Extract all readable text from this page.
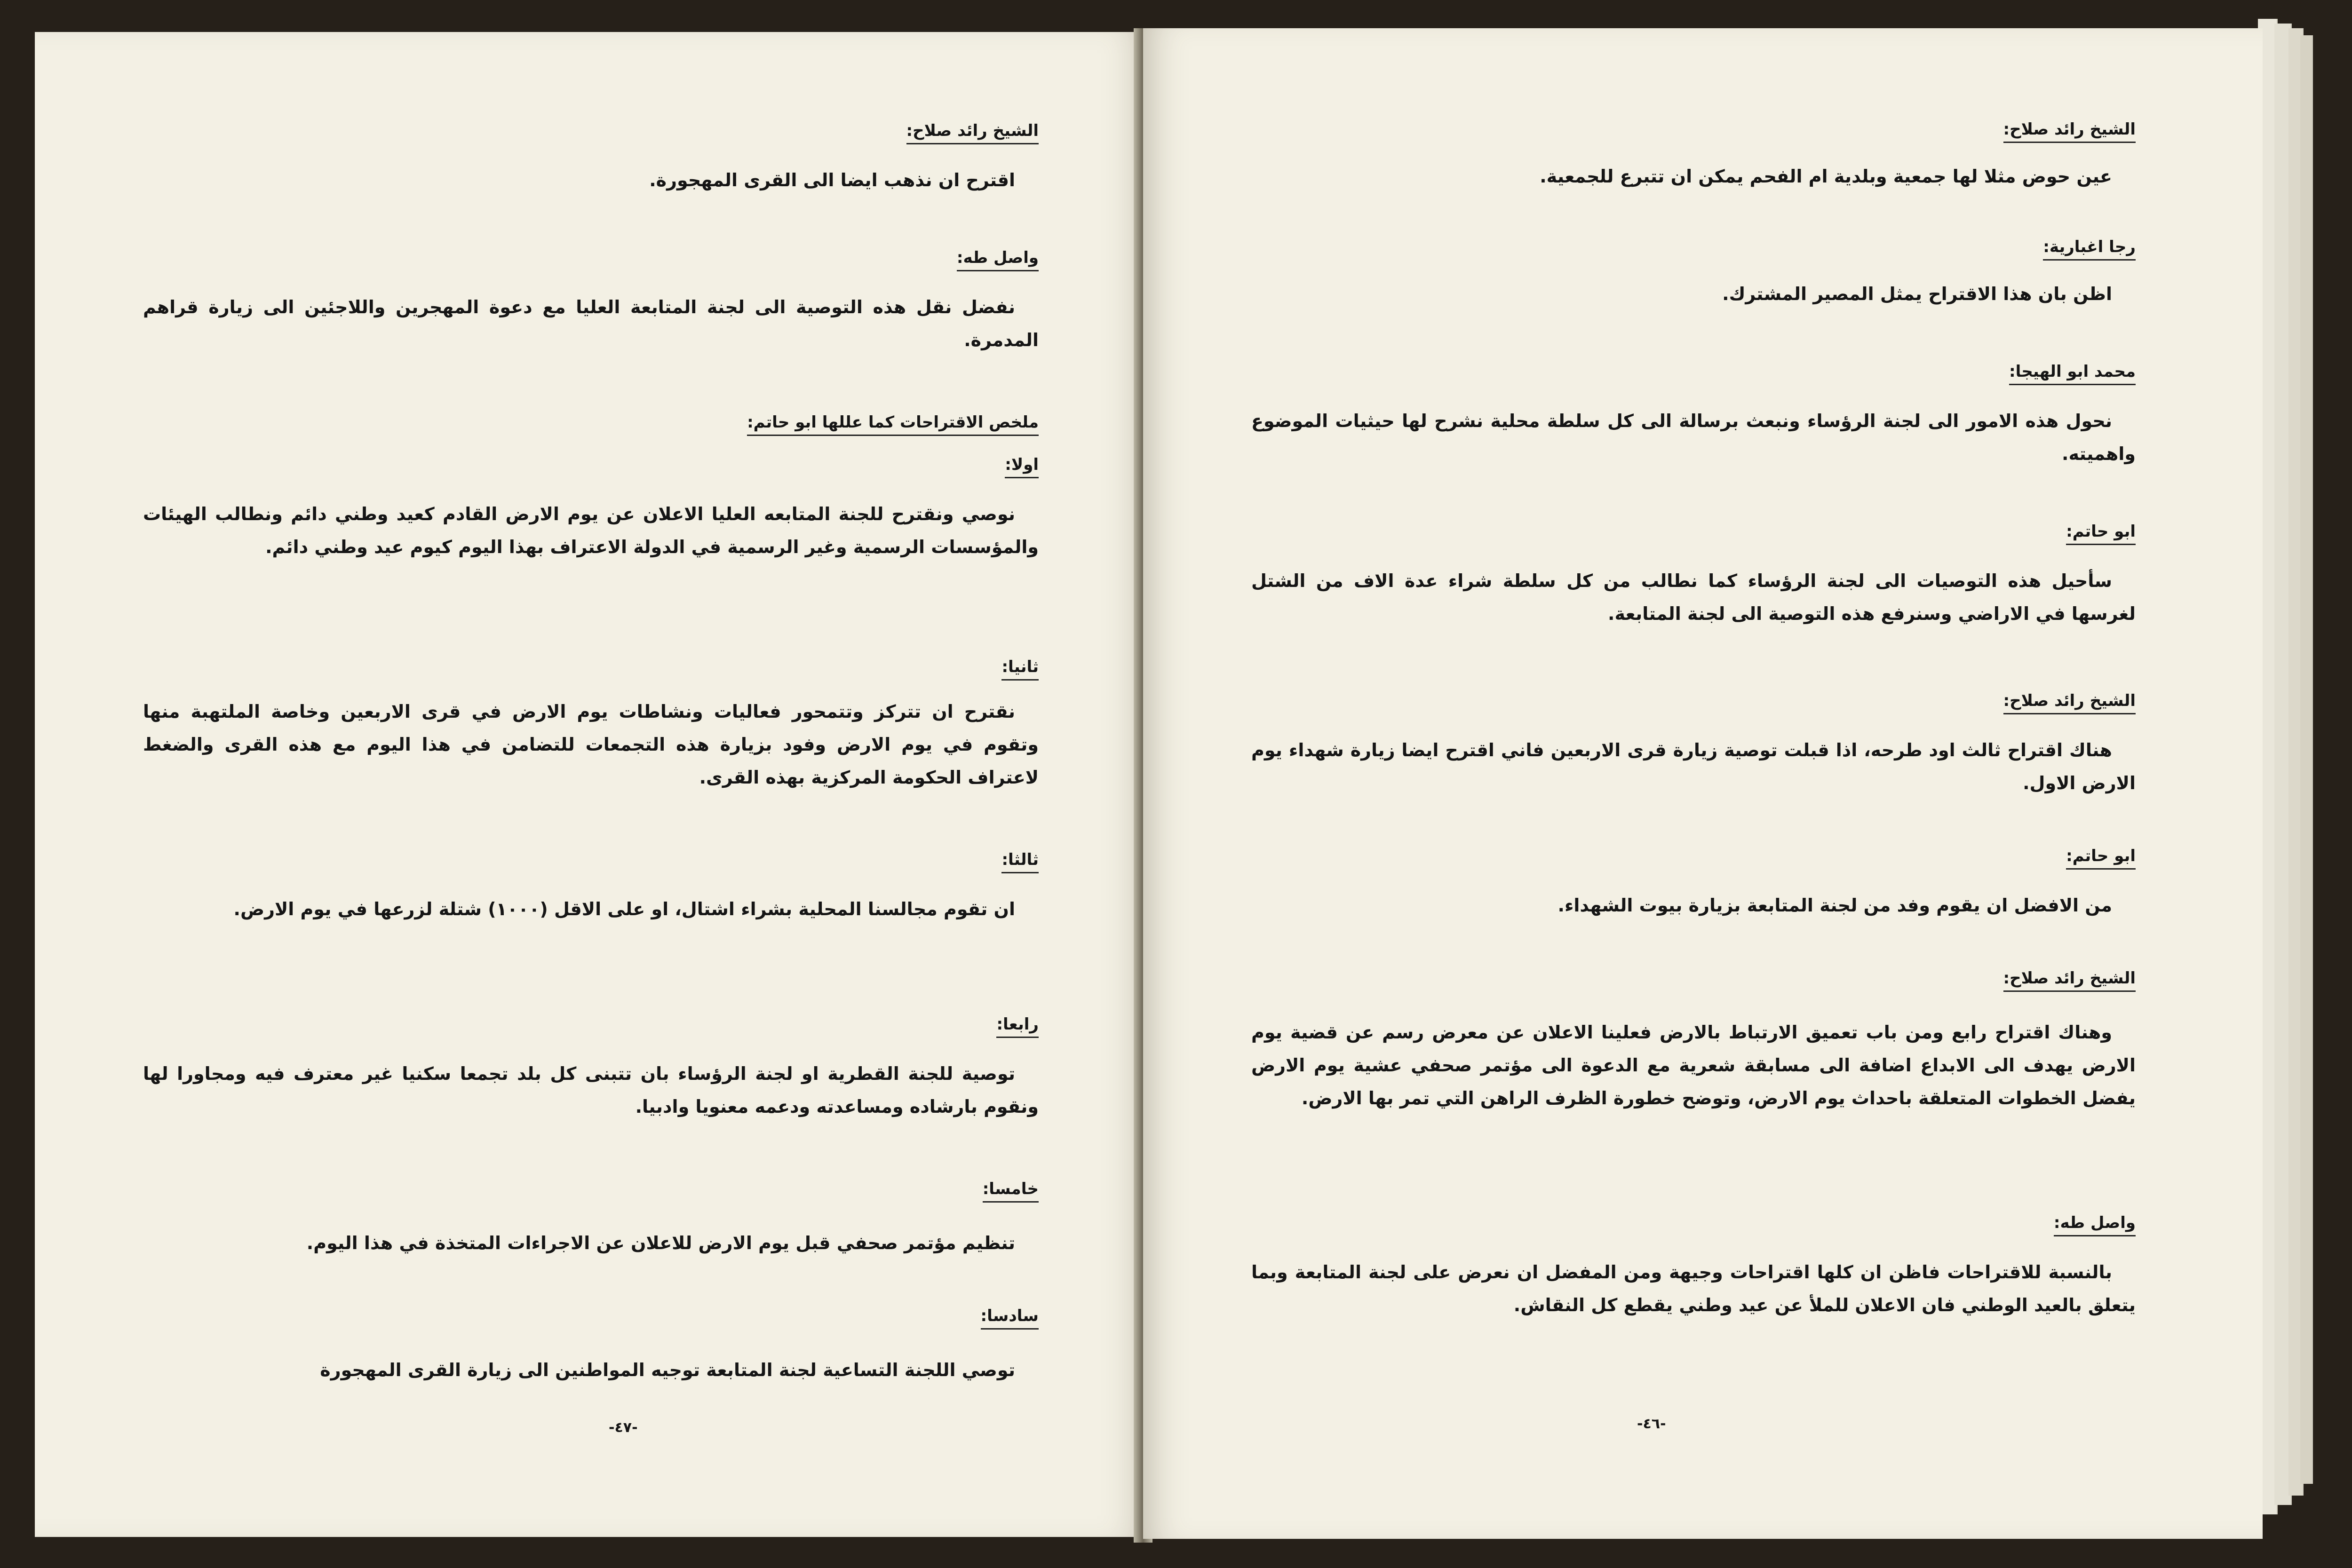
الشيخ رائد صلاح:
اقترح ان نذهب ايضا الى القرى المهجورة.
واصل طه:
نفضل نقل هذه التوصية الى لجنة المتابعة العليا مع دعوة المهجرين واللاجئين الى زيارة قراهم المدمرة.
ملخص الاقتراحات كما عللها ابو حاتم:
اولا:
نوصي ونقترح للجنة المتابعه العليا الاعلان عن يوم الارض القادم كعيد وطني دائم ونطالب الهيئات والمؤسسات الرسمية وغير الرسمية في الدولة الاعتراف بهذا اليوم كيوم عيد وطني دائم.
ثانيا:
نقترح ان تتركز وتتمحور فعاليات ونشاطات يوم الارض في قرى الاربعين وخاصة الملتهبة منها وتقوم في يوم الارض وفود بزيارة هذه التجمعات للتضامن في هذا اليوم مع هذه القرى والضغط لاعتراف الحكومة المركزية بهذه القرى.
ثالثا:
ان تقوم مجالسنا المحلية بشراء اشتال، او على الاقل (١٠٠٠) شتلة لزرعها في يوم الارض.
رابعا:
توصية للجنة القطرية او لجنة الرؤساء بان تتبنى كل بلد تجمعا سكنيا غير معترف فيه ومجاورا لها ونقوم بارشاده ومساعدته ودعمه معنويا وادبيا.
خامسا:
تنظيم مؤتمر صحفي قبل يوم الارض للاعلان عن الاجراءات المتخذة في هذا اليوم.
سادسا:
توصي اللجنة التساعية لجنة المتابعة توجيه المواطنين الى زيارة القرى المهجورة
-٤٧-
الشيخ رائد صلاح:
عين حوض مثلا لها جمعية وبلدية ام الفحم يمكن ان تتبرع للجمعية.
رجا اغبارية:
اظن بان هذا الاقتراح يمثل المصير المشترك.
محمد ابو الهيجا:
نحول هذه الامور الى لجنة الرؤساء ونبعث برسالة الى كل سلطة محلية نشرح لها حيثيات الموضوع واهميته.
ابو حاتم:
سأحيل هذه التوصيات الى لجنة الرؤساء كما نطالب من كل سلطة شراء عدة الاف من الشتل لغرسها في الاراضي وسنرفع هذه التوصية الى لجنة المتابعة.
الشيخ رائد صلاح:
هناك اقتراح ثالث اود طرحه، اذا قبلت توصية زيارة قرى الاربعين فاني اقترح ايضا زيارة شهداء يوم الارض الاول.
ابو حاتم:
من الافضل ان يقوم وفد من لجنة المتابعة بزيارة بيوت الشهداء.
الشيخ رائد صلاح:
وهناك اقتراح رابع ومن باب تعميق الارتباط بالارض فعلينا الاعلان عن معرض رسم عن قضية يوم الارض يهدف الى الابداع اضافة الى مسابقة شعرية مع الدعوة الى مؤتمر صحفي عشية يوم الارض يفضل الخطوات المتعلقة باحداث يوم الارض، وتوضح خطورة الظرف الراهن التي تمر بها الارض.
واصل طه:
بالنسبة للاقتراحات فاظن ان كلها اقتراحات وجيهة ومن المفضل ان نعرض على لجنة المتابعة وبما يتعلق بالعيد الوطني فان الاعلان للملأ عن عيد وطني يقطع كل النقاش.
-٤٦-
